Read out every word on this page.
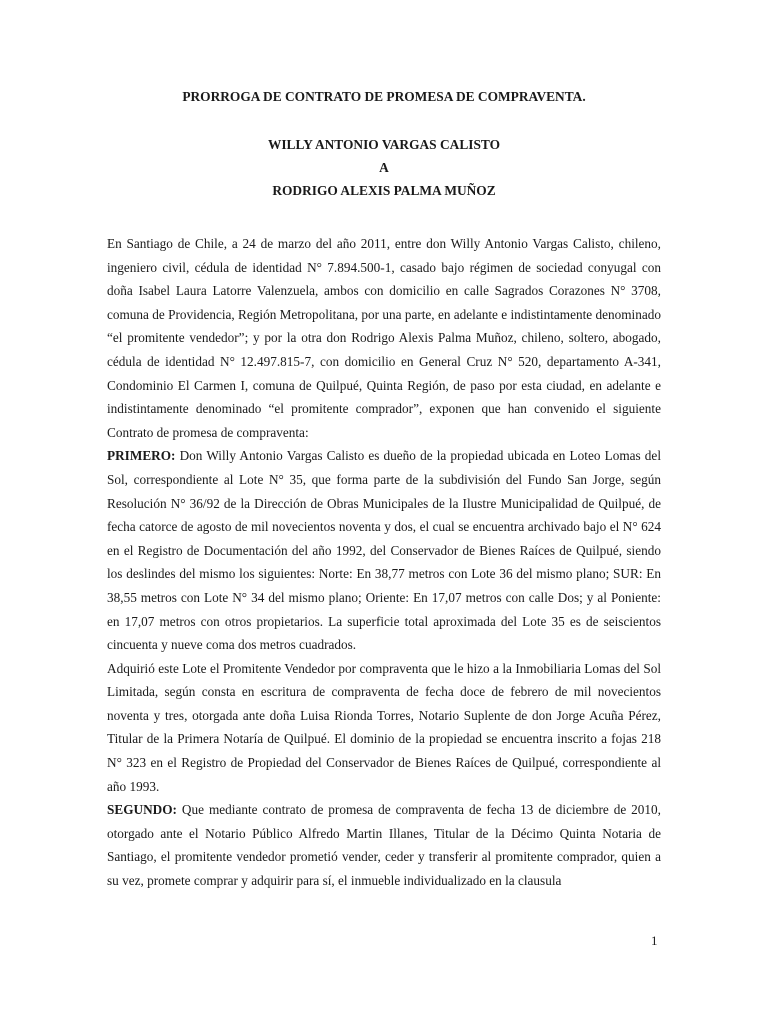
PRORROGA DE CONTRATO DE PROMESA DE COMPRAVENTA.

WILLY ANTONIO VARGAS CALISTO

A

RODRIGO ALEXIS PALMA MUÑOZ

En Santiago de Chile, a 24 de marzo del año 2011, entre don Willy Antonio Vargas Calisto, chileno, ingeniero civil, cédula de identidad N° 7.894.500-1, casado bajo régimen de sociedad conyugal con doña Isabel Laura Latorre Valenzuela, ambos con domicilio en calle Sagrados Corazones N° 3708, comuna de Providencia, Región Metropolitana, por una parte, en adelante e indistintamente denominado “el promitente vendedor”; y por la otra don Rodrigo Alexis Palma Muñoz, chileno, soltero, abogado, cédula de identidad N° 12.497.815-7, con domicilio en General Cruz N° 520, departamento A-341, Condominio El Carmen I, comuna de Quilpué, Quinta Región, de paso por esta ciudad, en adelante e indistintamente denominado “el promitente comprador”, exponen que han convenido el siguiente Contrato de promesa de compraventa:

PRIMERO: Don Willy Antonio Vargas Calisto es dueño de la propiedad ubicada en Loteo Lomas del Sol, correspondiente al Lote N° 35, que forma parte de la subdivisión del Fundo San Jorge, según Resolución N° 36/92 de la Dirección de Obras Municipales de la Ilustre Municipalidad de Quilpué, de fecha catorce de agosto de mil novecientos noventa y dos, el cual se encuentra archivado bajo el N° 624 en el Registro de Documentación del año 1992, del Conservador de Bienes Raíces de Quilpué, siendo los deslindes del mismo los siguientes: Norte: En 38,77 metros con Lote 36 del mismo plano; SUR: En 38,55 metros con Lote N° 34 del mismo plano; Oriente: En 17,07 metros con calle Dos; y al Poniente: en 17,07 metros con otros propietarios. La superficie total aproximada del Lote 35 es de seiscientos cincuenta y nueve coma dos metros cuadrados.

Adquirió este Lote el Promitente Vendedor por compraventa que le hizo a la Inmobiliaria Lomas del Sol Limitada, según consta en escritura de compraventa de fecha doce de febrero de mil novecientos noventa y tres, otorgada ante doña Luisa Rionda Torres, Notario Suplente de don Jorge Acuña Pérez, Titular de la Primera Notaría de Quilpué. El dominio de la propiedad se encuentra inscrito a fojas 218 N° 323 en el Registro de Propiedad del Conservador de Bienes Raíces de Quilpué, correspondiente al año 1993.

SEGUNDO: Que mediante contrato de promesa de compraventa de fecha 13 de diciembre de 2010, otorgado ante el Notario Público Alfredo Martin Illanes, Titular de la Décimo Quinta Notaria de Santiago, el promitente vendedor prometió vender, ceder y transferir al promitente comprador, quien a su vez, promete comprar y adquirir para sí, el inmueble individualizado en la clausula

1
